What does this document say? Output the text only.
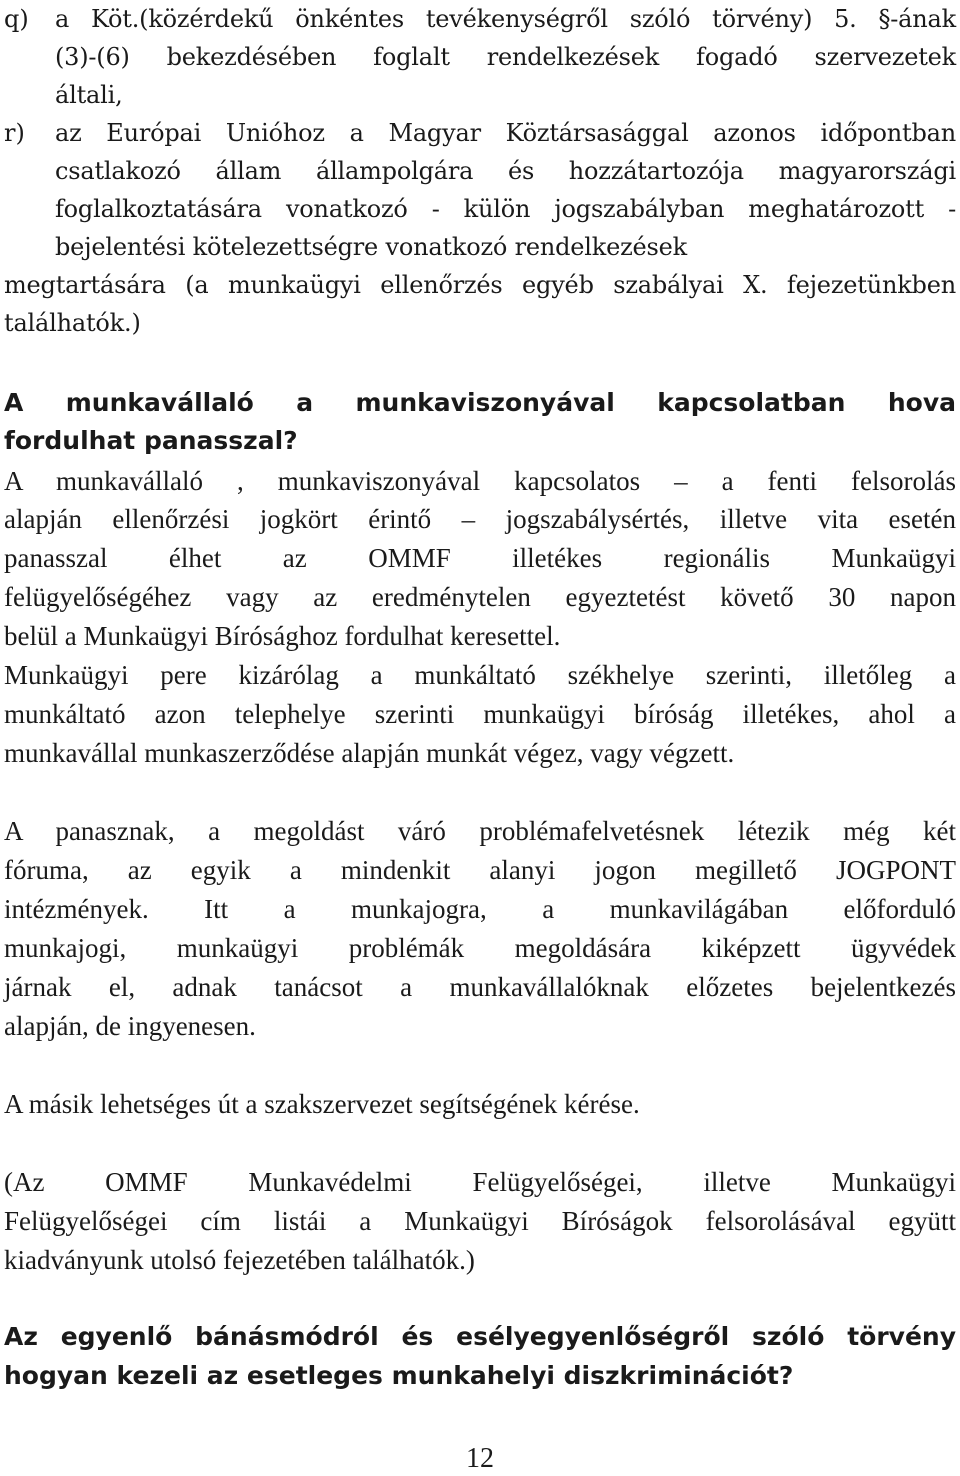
q) a Köt.(közérdekű önkéntes tevékenységről szóló törvény) 5. §-ának
(3)-(6) bekezdésében foglalt rendelkezések fogadó szervezetek
általi,
r) az Európai Unióhoz a Magyar Köztársasággal azonos időpontban
csatlakozó állam állampolgára és hozzátartozója magyarországi
foglalkoztatására vonatkozó - külön jogszabályban meghatározott -
bejelentési kötelezettségre vonatkozó rendelkezések
megtartására (a munkaügyi ellenőrzés egyéb szabályai X. fejezetünkben
találhatók.)
A munkavállaló a munkaviszonyával kapcsolatban hova
fordulhat panasszal?
A munkavállaló , munkaviszonyával kapcsolatos – a fenti felsorolás
alapján ellenőrzési jogkört érintő – jogszabálysértés, illetve vita esetén
panasszal élhet az OMMF illetékes regionális Munkaügyi
felügyelőségéhez vagy az eredménytelen egyeztetést követő 30 napon
belül a Munkaügyi Bírósághoz fordulhat keresettel.
Munkaügyi pere kizárólag a munkáltató székhelye szerinti, illetőleg a
munkáltató azon telephelye szerinti munkaügyi bíróság illetékes, ahol a
munkavállal munkaszerződése alapján munkát végez, vagy végzett.
A panasznak, a megoldást váró problémafelvetésnek létezik még két
fóruma, az egyik a mindenkit alanyi jogon megillető JOGPONT
intézmények. Itt a munkajogra, a munkavilágában előforduló
munkajogi, munkaügyi problémák megoldására kiképzett ügyvédek
járnak el, adnak tanácsot a munkavállalóknak előzetes bejelentkezés
alapján, de ingyenesen.
A másik lehetséges út a szakszervezet segítségének kérése.
(Az OMMF Munkavédelmi Felügyelőségei, illetve Munkaügyi
Felügyelőségei cím listái a Munkaügyi Bíróságok felsorolásával együtt
kiadványunk utolsó fejezetében találhatók.)
Az egyenlő bánásmódról és esélyegyenlőségről szóló törvény
hogyan kezeli az esetleges munkahelyi diszkriminációt?
12
